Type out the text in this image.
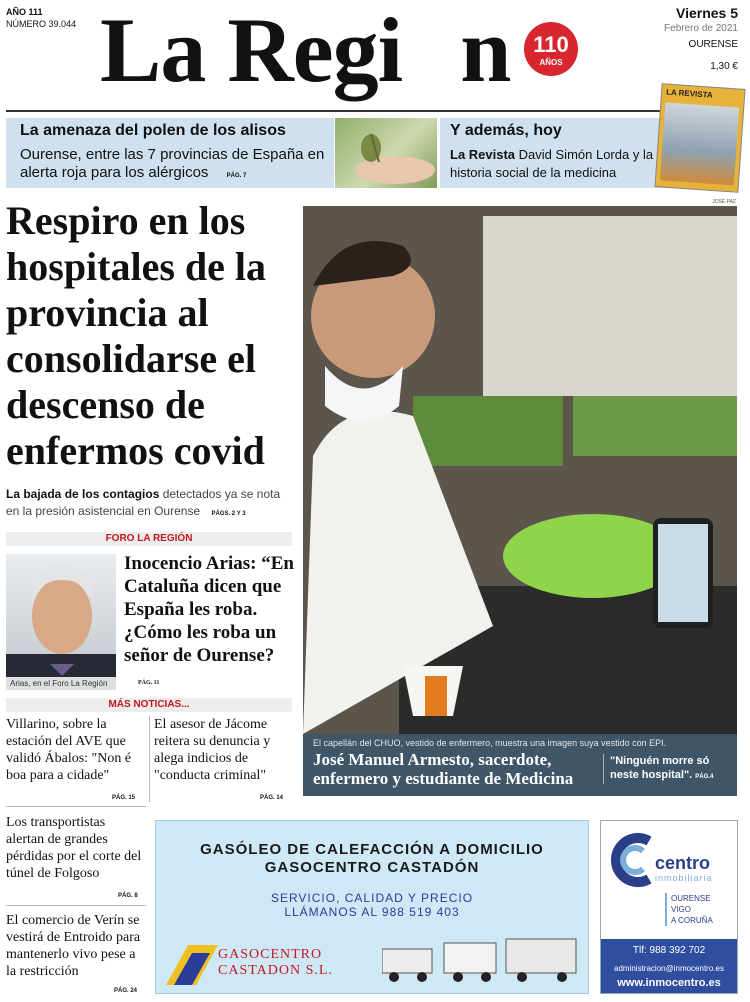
AÑO 111
NÚMERO 39.044 La Regi n	110
AÑOS
Viernes 5
Febrero de 2021
OURENSE
1,30 €
La amenaza del polen de los alisos
Ourense, entre las 7 provincias de España en alerta roja para los alérgicos	PÁG. 7
Y además, hoy
La Revista David Simón Lorda y la historia social de la medicina
LA REVISTA
Respiro en los hospitales de la provincia al consolidarse el descenso de enfermos covid
La bajada de los contagios detectados ya se nota en la presión asistencial en Ourense PÁGS. 2 Y 3
JOSÉ PAZ
El capellán del CHUO, vestido de enfermero, muestra una imagen suya vestido con EPI.
José Manuel Armesto, sacerdote, enfermero y estudiante de Medicina
"Ninguén morre só neste hospital". PÁG.4
FORO LA REGIÓN
Arias, en el Foro La Región
Inocencio Arias: “En Cataluña dicen que España les roba. ¿Cómo les roba un señor de Ourense? PÁG. 11
MÁS NOTICIAS...
Villarino, sobre la estación del AVE que validó Ábalos: "Non é boa para a cidade"
PÁG. 15
El asesor de Jácome reitera su denuncia y alega indicios de "conducta criminal"
PÁG. 14
Los transportistas alertan de grandes pérdidas por el corte del túnel de Folgoso
PÁG. 8
El comercio de Verín se vestirá de Entroido para mantenerlo vivo pese a la restricción
PÁG. 24
GASÓLEO DE CALEFACCIÓN A DOMICILIO
GASOCENTRO CASTADÓN
SERVICIO, CALIDAD Y PRECIO
LLÁMANOS AL 988 519 403
GASOCENTRO
CASTADON S.L.
centro
inmobiliaria
OURENSE
VIGO
A CORUÑA
Tlf: 988 392 702
administracion@inmocentro.es
www.inmocentro.es
